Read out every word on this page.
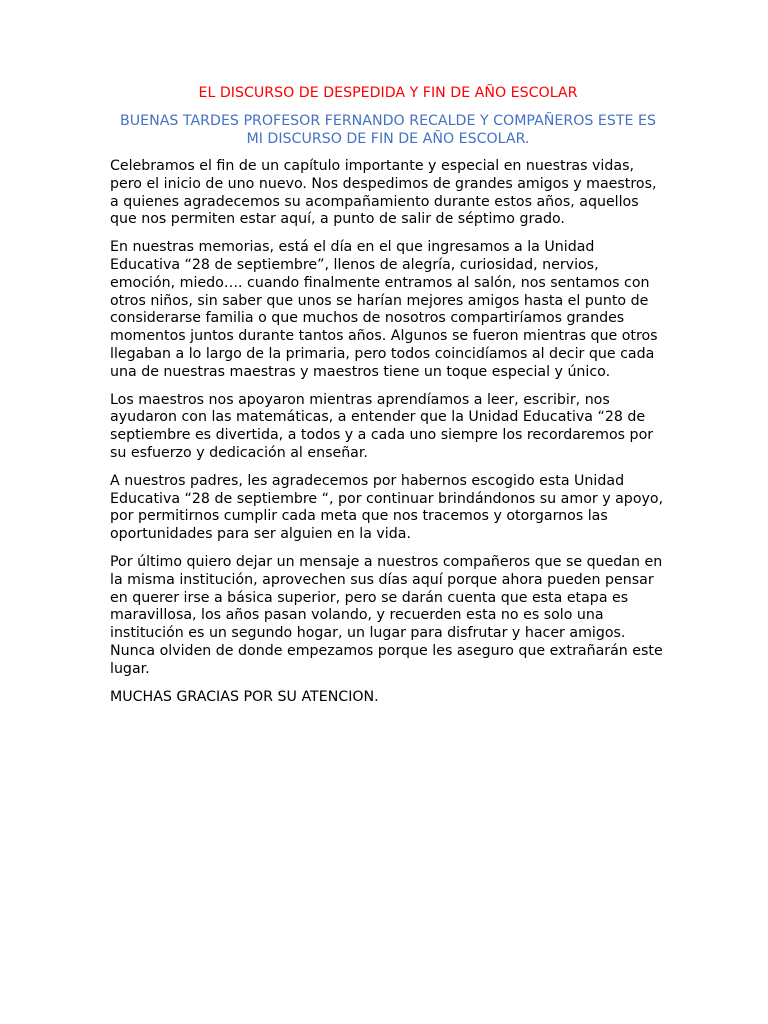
EL DISCURSO DE DESPEDIDA Y FIN DE AÑO ESCOLAR
BUENAS TARDES PROFESOR FERNANDO RECALDE Y COMPAÑEROS ESTE ES MI DISCURSO DE FIN DE AÑO ESCOLAR.

Celebramos el fin de un capítulo importante y especial en nuestras vidas, pero el inicio de uno nuevo. Nos despedimos de grandes amigos y maestros, a quienes agradecemos su acompañamiento durante estos años, aquellos que nos permiten estar aquí, a punto de salir de séptimo grado.

En nuestras memorias, está el día en el que ingresamos a la Unidad Educativa “28 de septiembre”, llenos de alegría, curiosidad, nervios, emoción, miedo…. cuando finalmente entramos al salón, nos sentamos con otros niños, sin saber que unos se harían mejores amigos hasta el punto de considerarse familia o que muchos de nosotros compartiríamos grandes momentos juntos durante tantos años. Algunos se fueron mientras que otros llegaban a lo largo de la primaria, pero todos coincidíamos al decir que cada una de nuestras maestras y maestros tiene un toque especial y único.

Los maestros nos apoyaron mientras aprendíamos a leer, escribir, nos ayudaron con las matemáticas, a entender que la Unidad Educativa “28 de septiembre es divertida, a todos y a cada uno siempre los recordaremos por su esfuerzo y dedicación al enseñar.

A nuestros padres, les agradecemos por habernos escogido esta Unidad Educativa “28 de septiembre “, por continuar brindándonos su amor y apoyo, por permitirnos cumplir cada meta que nos tracemos y otorgarnos las oportunidades para ser alguien en la vida.

Por último quiero dejar un mensaje a nuestros compañeros que se quedan en la misma institución, aprovechen sus días aquí porque ahora pueden pensar en querer irse a básica superior, pero se darán cuenta que esta etapa es maravillosa, los años pasan volando, y recuerden esta no es solo una institución es un segundo hogar, un lugar para disfrutar y hacer amigos. Nunca olviden de donde empezamos porque les aseguro que extrañarán este lugar.

MUCHAS GRACIAS POR SU ATENCION.
